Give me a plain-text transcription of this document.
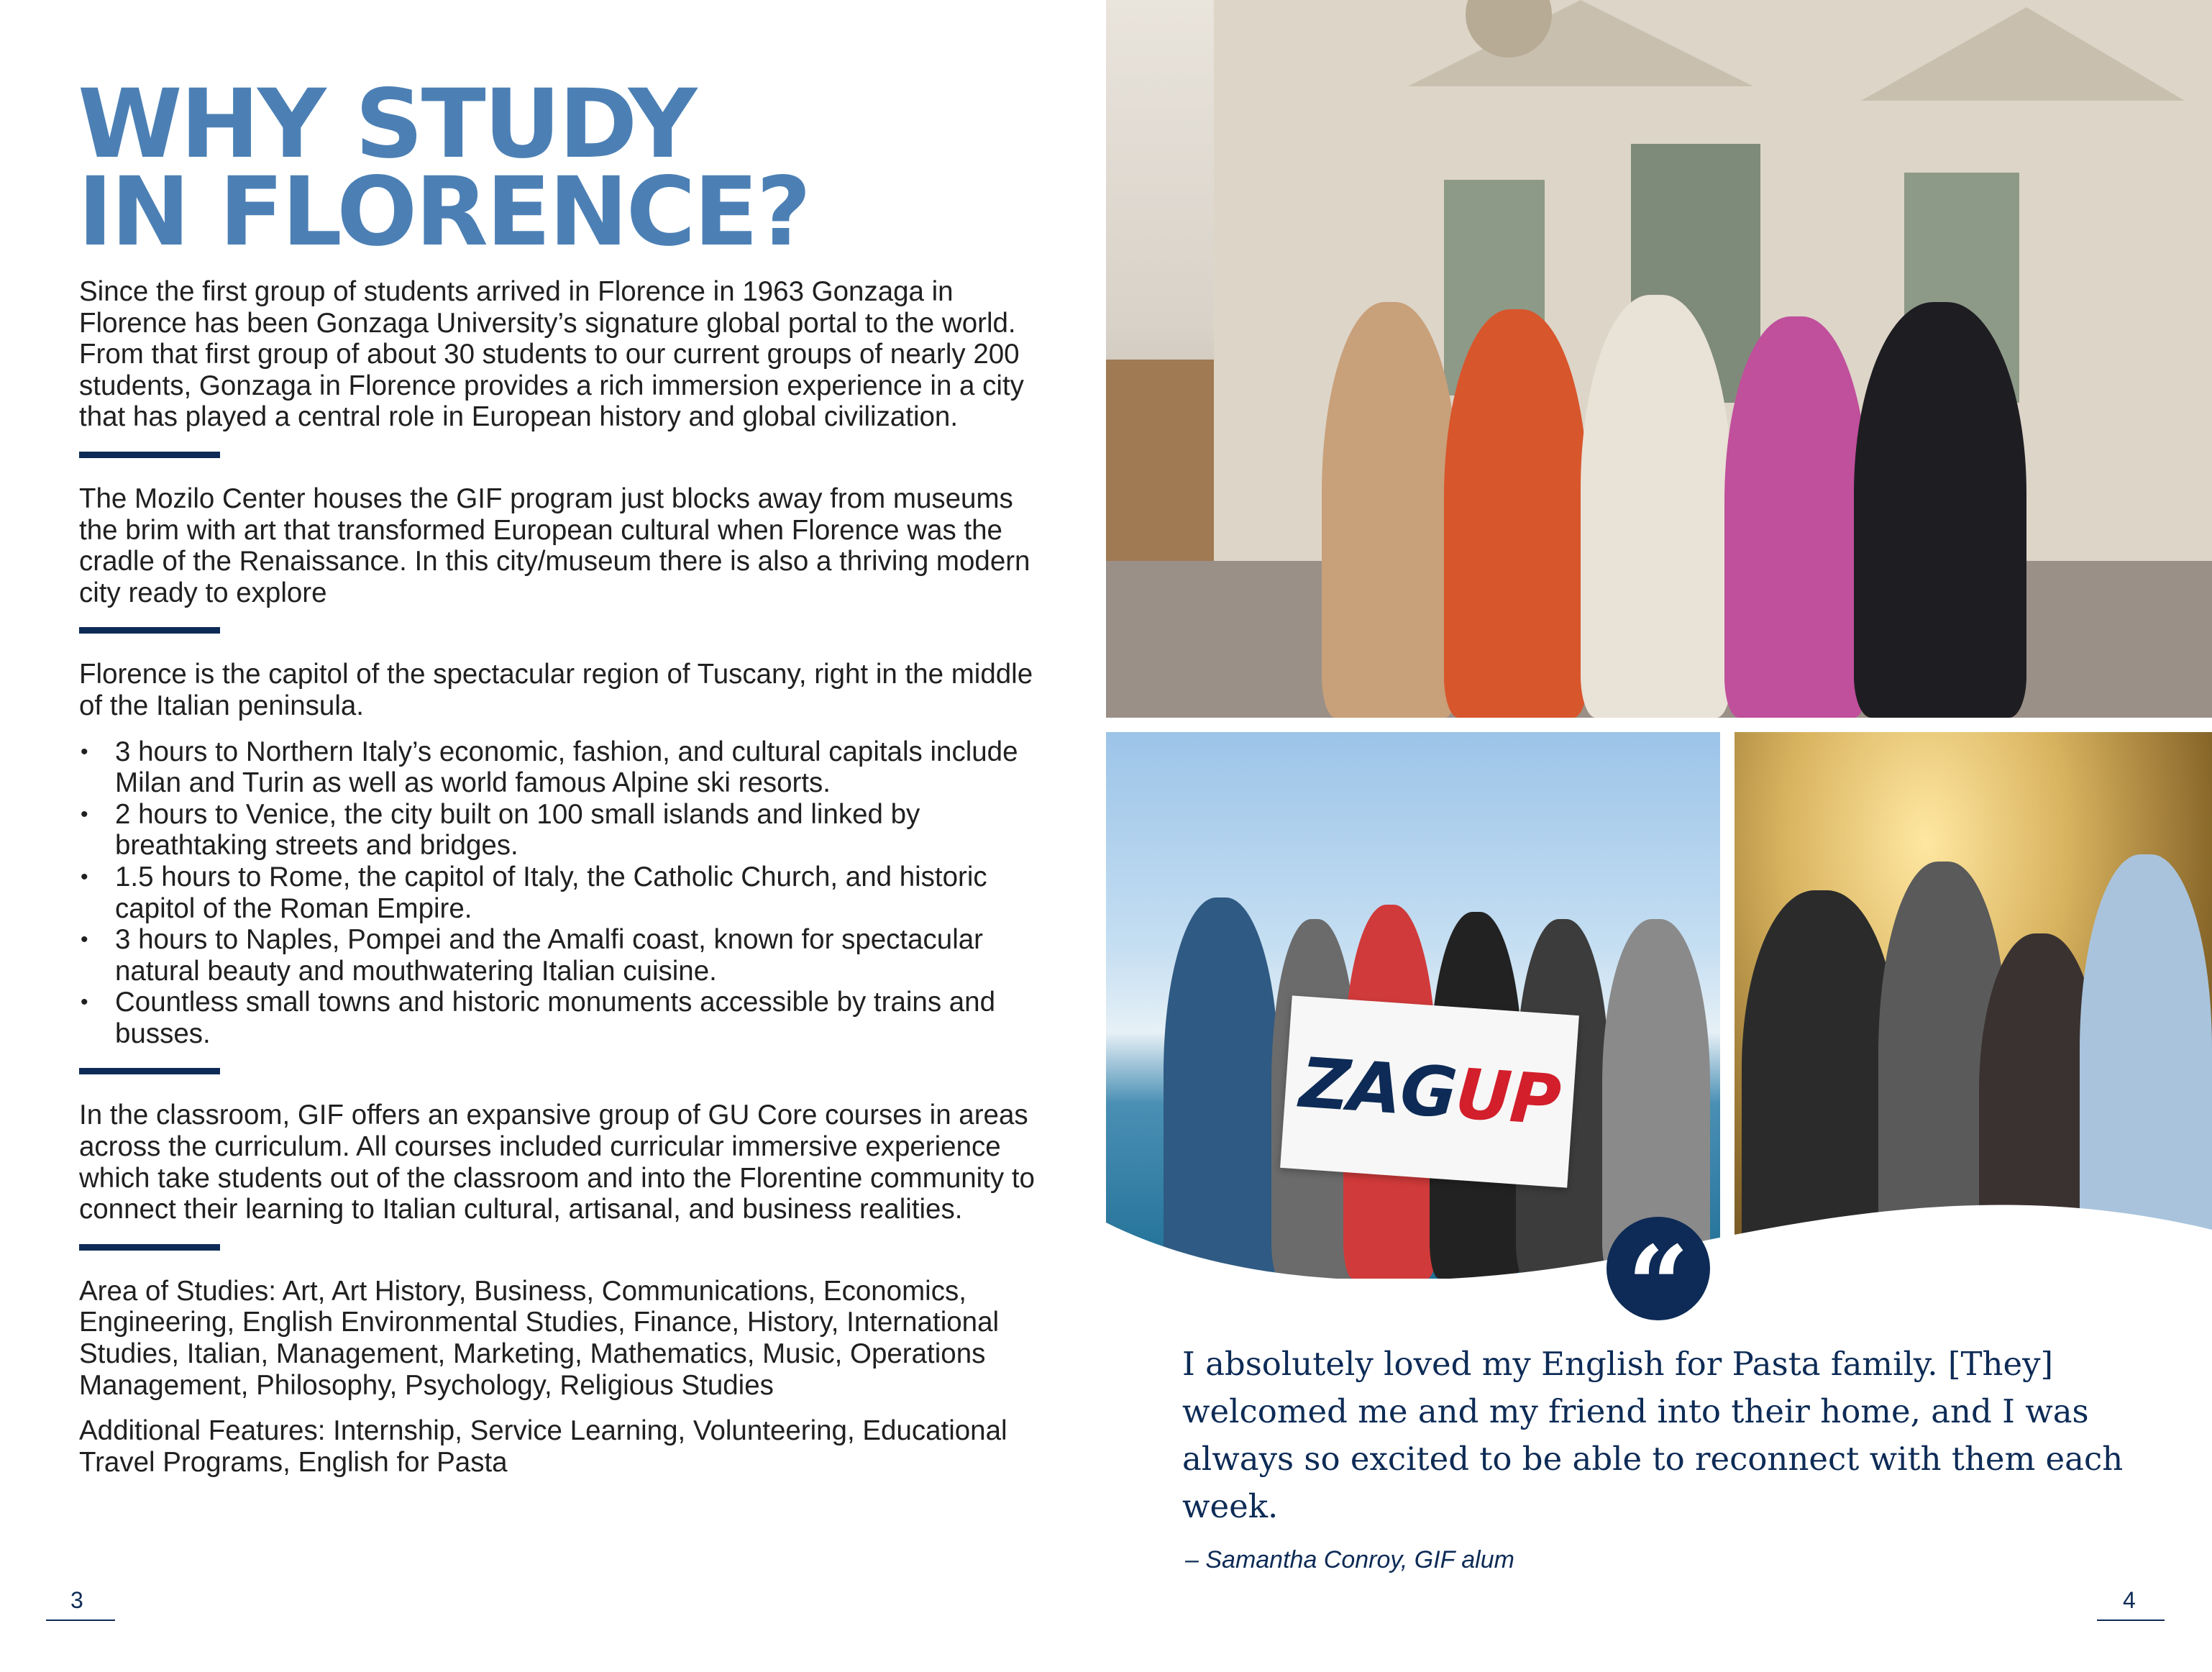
WHY STUDY
IN FLORENCE?

Since the first group of students arrived in Florence in 1963 Gonzaga in Florence has been Gonzaga University’s signature global portal to the world. From that first group of about 30 students to our current groups of nearly 200 students, Gonzaga in Florence provides a rich immersion experience in a city that has played a central role in European history and global civilization.

The Mozilo Center houses the GIF program just blocks away from museums the brim with art that transformed European cultural when Florence was the cradle of the Renaissance. In this city/museum there is also a thriving modern city ready to explore

Florence is the capitol of the spectacular region of Tuscany, right in the middle of the Italian peninsula.

• 3 hours to Northern Italy’s economic, fashion, and cultural capitals include Milan and Turin as well as world famous Alpine ski resorts.
• 2 hours to Venice, the city built on 100 small islands and linked by breathtaking streets and bridges.
• 1.5 hours to Rome, the capitol of Italy, the Catholic Church, and historic capitol of the Roman Empire.
• 3 hours to Naples, Pompei and the Amalfi coast, known for spectacular natural beauty and mouthwatering Italian cuisine.
• Countless small towns and historic monuments accessible by trains and busses.

In the classroom, GIF offers an expansive group of GU Core courses in areas across the curriculum. All courses included curricular immersive experience which take students out of the classroom and into the Florentine community to connect their learning to Italian cultural, artisanal, and business realities.

Area of Studies: Art, Art History, Business, Communications, Economics, Engineering, English Environmental Studies, Finance, History, International Studies, Italian, Management, Marketing, Mathematics, Music, Operations Management, Philosophy, Psychology, Religious Studies

Additional Features: Internship, Service Learning, Volunteering, Educational Travel Programs, English for Pasta

3
ZAG
UP
“

I absolutely loved my English for Pasta family. [They] welcomed me and my friend into their home, and I was always so excited to be able to reconnect with them each week.

– Samantha Conroy, GIF alum
4
